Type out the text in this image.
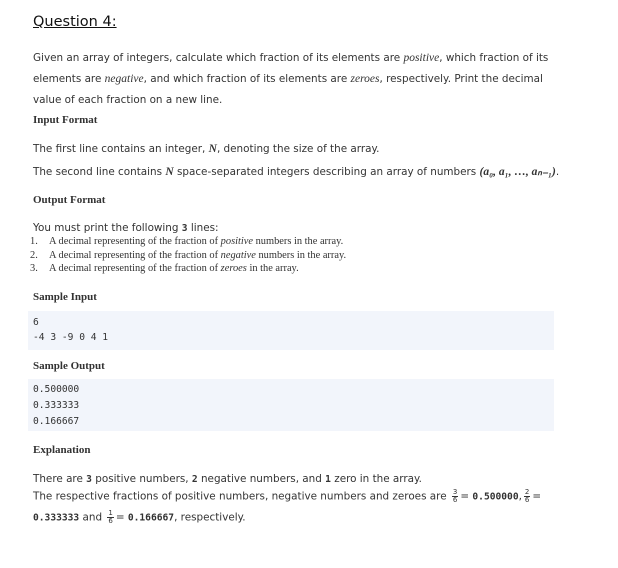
Question 4:
Given an array of integers, calculate which fraction of its elements are positive, which fraction of its
elements are negative, and which fraction of its elements are zeroes, respectively. Print the decimal
value of each fraction on a new line.
Input Format
The first line contains an integer, N, denoting the size of the array.
The second line contains N space-separated integers describing an array of numbers (a₀, a₁, …, aₙ₋₁).
Output Format
You must print the following 3 lines:
1. A decimal representing of the fraction of positive numbers in the array.
2. A decimal representing of the fraction of negative numbers in the array.
3. A decimal representing of the fraction of zeroes in the array.
Sample Input
6
-4 3 -9 0 4 1
Sample Output
0.500000
0.333333
0.166667
Explanation
There are 3 positive numbers, 2 negative numbers, and 1 zero in the array.
The respective fractions of positive numbers, negative numbers and zeroes are $\frac{3}{6} = 0.500000$, $\frac{2}{6}$ =
0.333333 and $\frac{1}{6} = 0.166667$, respectively.
